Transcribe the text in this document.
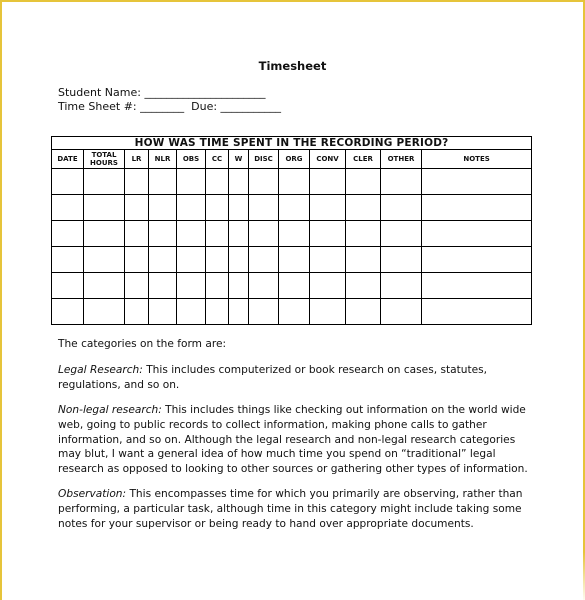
Timesheet
Student Name: ______________________
Time Sheet #: ________  Due: ___________
HOW WAS TIME SPENT IN THE RECORDING PERIOD?												
DATE	TOTAL HOURS	LR	NLR	OBS	CC	W	DISC	ORG	CONV	CLER	OTHER	NOTES

The categories on the form are:

Legal Research: This includes computerized or book research on cases, statutes, regulations, and so on.

Non-legal research: This includes things like checking out information on the world wide web, going to public records to collect information, making phone calls to gather information, and so on. Although the legal research and non-legal research categories may blut, I want a general idea of how much time you spend on “traditional” legal research as opposed to looking to other sources or gathering other types of information.

Observation: This encompasses time for which you primarily are observing, rather than performing, a particular task, although time in this category might include taking some notes for your supervisor or being ready to hand over appropriate documents.
